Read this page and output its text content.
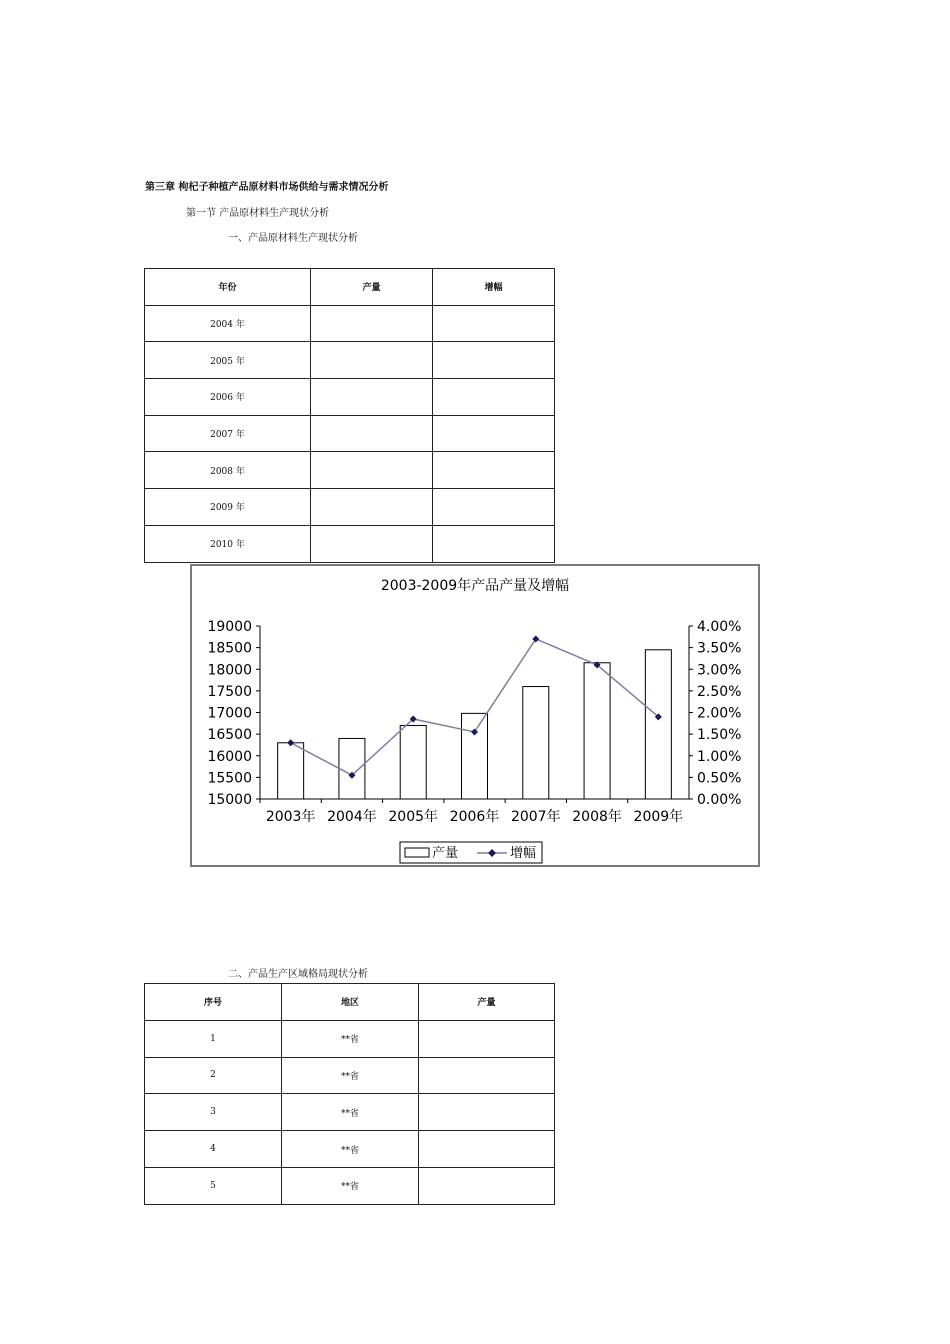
第三章 枸杞子种植产品原材料市场供给与需求情况分析
第一节 产品原材料生产现状分析
一、产品原材料生产现状分析
年份	产量	增幅
2004 年		
2005 年		
2006 年		
2007 年		
2008 年		
2009 年		
2010 年		
2003-2009年产品产量及增幅
19000
18500
18000
17500
17000
16500
16000
15500
15000
4.00%
3.50%
3.00%
2.50%
2.00%
1.50%
1.00%
0.50%
0.00%
2003年 2004年 2005年 2006年 2007年 2008年 2009年
产量	增幅
二、产品生产区域格局现状分析
序号	地区	产量
1	**省	
2	**省	
3	**省	
4	**省	
5	**省	
